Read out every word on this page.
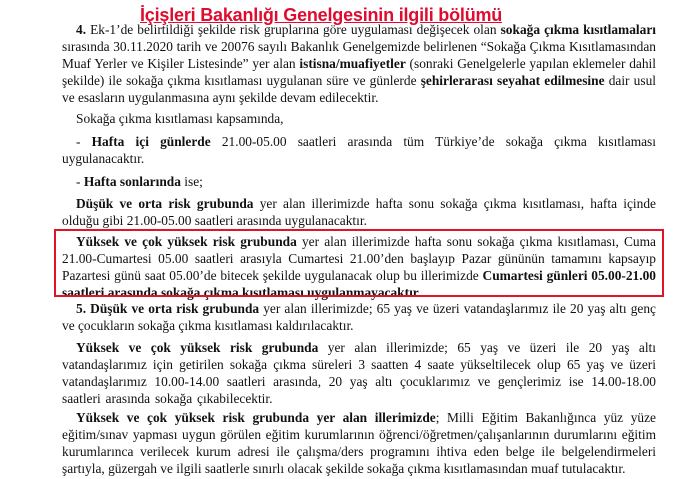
İçişleri Bakanlığı Genelgesinin ilgili bölümü

4. Ek-1’de belirtildiği şekilde risk gruplarına göre uygulaması değişecek olan sokağa çıkma kısıtlamaları sırasında 30.11.2020 tarih ve 20076 sayılı Bakanlık Genelgemizde belirlenen “Sokağa Çıkma Kısıtlamasından Muaf Yerler ve Kişiler Listesinde” yer alan istisna/muafiyetler (sonraki Genelgelerle yapılan eklemeler dahil şekilde) ile sokağa çıkma kısıtlaması uygulanan süre ve günlerde şehirlerarası seyahat edilmesine dair usul ve esasların uygulanmasına aynı şekilde devam edilecektir.

Sokağa çıkma kısıtlaması kapsamında,

- Hafta içi günlerde 21.00-05.00 saatleri arasında tüm Türkiye’de sokağa çıkma kısıtlaması uygulanacaktır.

- Hafta sonlarında ise;

Düşük ve orta risk grubunda yer alan illerimizde hafta sonu sokağa çıkma kısıtlaması, hafta içinde olduğu gibi 21.00-05.00 saatleri arasında uygulanacaktır.

Yüksek ve çok yüksek risk grubunda yer alan illerimizde hafta sonu sokağa çıkma kısıtlaması, Cuma 21.00-Cumartesi 05.00 saatleri arasıyla Cumartesi 21.00’den başlayıp Pazar gününün tamamını kapsayıp Pazartesi günü saat 05.00’de bitecek şekilde uygulanacak olup bu illerimizde Cumartesi günleri 05.00-21.00 saatleri arasında sokağa çıkma kısıtlaması uygulanmayacaktır.

5. Düşük ve orta risk grubunda yer alan illerimizde; 65 yaş ve üzeri vatandaşlarımız ile 20 yaş altı genç ve çocukların sokağa çıkma kısıtlaması kaldırılacaktır.

Yüksek ve çok yüksek risk grubunda yer alan illerimizde; 65 yaş ve üzeri ile 20 yaş altı vatandaşlarımız için getirilen sokağa çıkma süreleri 3 saatten 4 saate yükseltilecek olup 65 yaş ve üzeri vatandaşlarımız 10.00-14.00 saatleri arasında, 20 yaş altı çocuklarımız ve gençlerimiz ise 14.00-18.00 saatleri arasında sokağa çıkabilecektir.

Yüksek ve çok yüksek risk grubunda yer alan illerimizde; Milli Eğitim Bakanlığınca yüz yüze eğitim/sınav yapması uygun görülen eğitim kurumlarının öğrenci/öğretmen/çalışanlarının durumlarını eğitim kurumlarınca verilecek kurum adresi ile çalışma/ders programını ihtiva eden belge ile belgelendirmeleri şartıyla, güzergah ve ilgili saatlerle sınırlı olacak şekilde sokağa çıkma kısıtlamasından muaf tutulacaktır.
